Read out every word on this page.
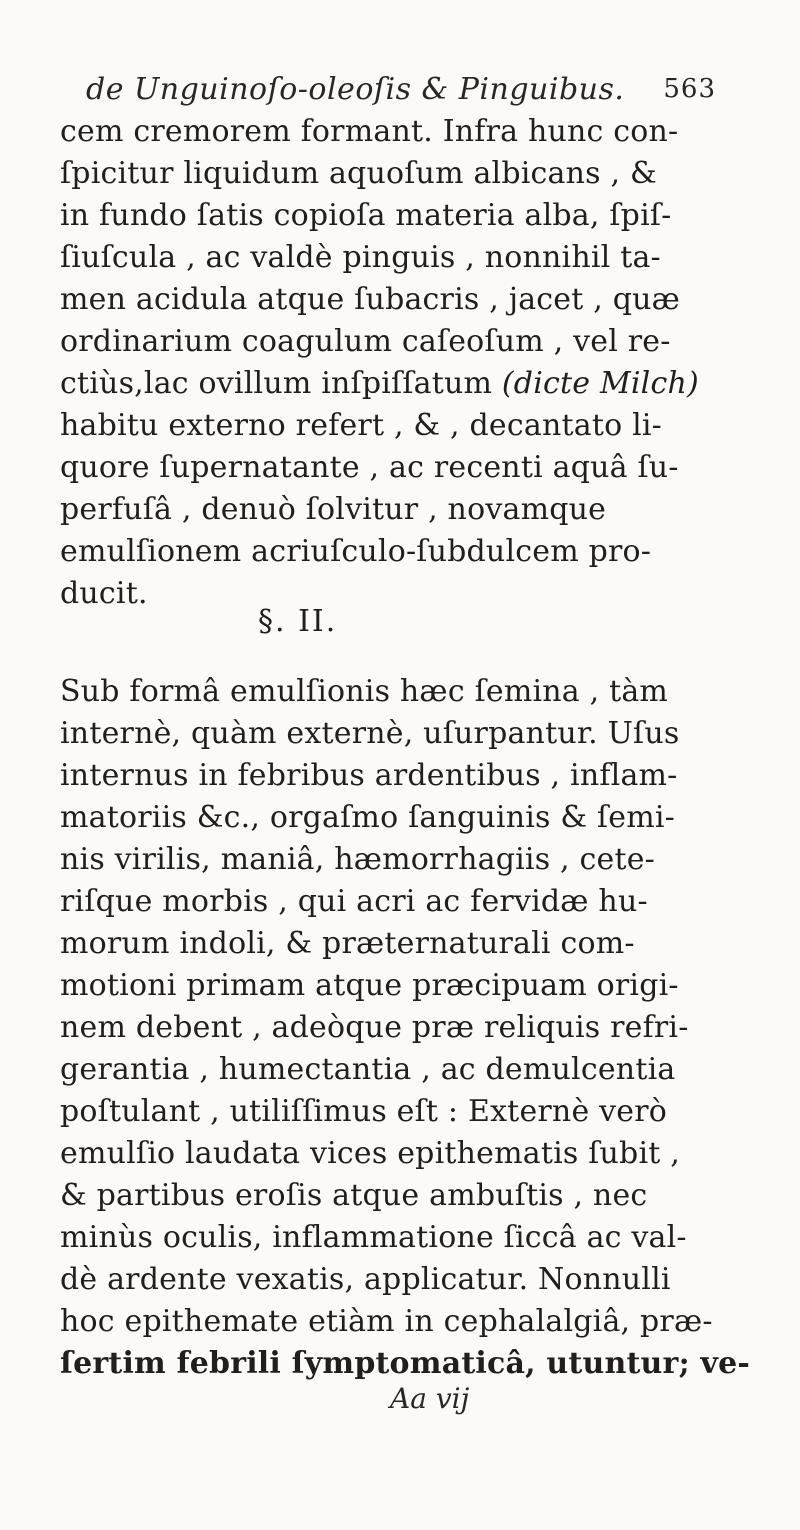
de Unguinoſo-oleoſis & Pinguibus. 563
cem cremorem formant. Infra hunc con-
ſpicitur liquidum aquoſum albicans , &
in fundo ſatis copioſa materia alba, ſpiſ-
ſiuſcula , ac valdè pinguis , nonnihil ta-
men acidula atque ſubacris , jacet , quæ
ordinarium coagulum caſeoſum , vel re-
ctiùs,lac ovillum inſpiſſatum (dicte Milch)
habitu externo refert , & , decantato li-
quore ſupernatante , ac recenti aquâ ſu-
perfuſâ , denuò ſolvitur , novamque
emulſionem acriuſculo-ſubdulcem pro-
ducit.
§. II.
Sub formâ emulſionis hæc ſemina , tàm
internè, quàm externè, uſurpantur. Uſus
internus in febribus ardentibus , inflam-
matoriis &c., orgaſmo ſanguinis & ſemi-
nis virilis, maniâ, hæmorrhagiis , cete-
riſque morbis , qui acri ac fervidæ hu-
morum indoli, & præternaturali com-
motioni primam atque præcipuam origi-
nem debent , adeòque præ reliquis refri-
gerantia , humectantia , ac demulcentia
poſtulant , utiliſſimus eſt : Externè verò
emulſio laudata vices epithematis ſubit ,
& partibus eroſis atque ambuſtis , nec
minùs oculis, inflammatione ſiccâ ac val-
dè ardente vexatis, applicatur. Nonnulli
hoc epithemate etiàm in cephalalgiâ, præ-
ſertim febrili ſymptomaticâ, utuntur; ve-
Aa vij
